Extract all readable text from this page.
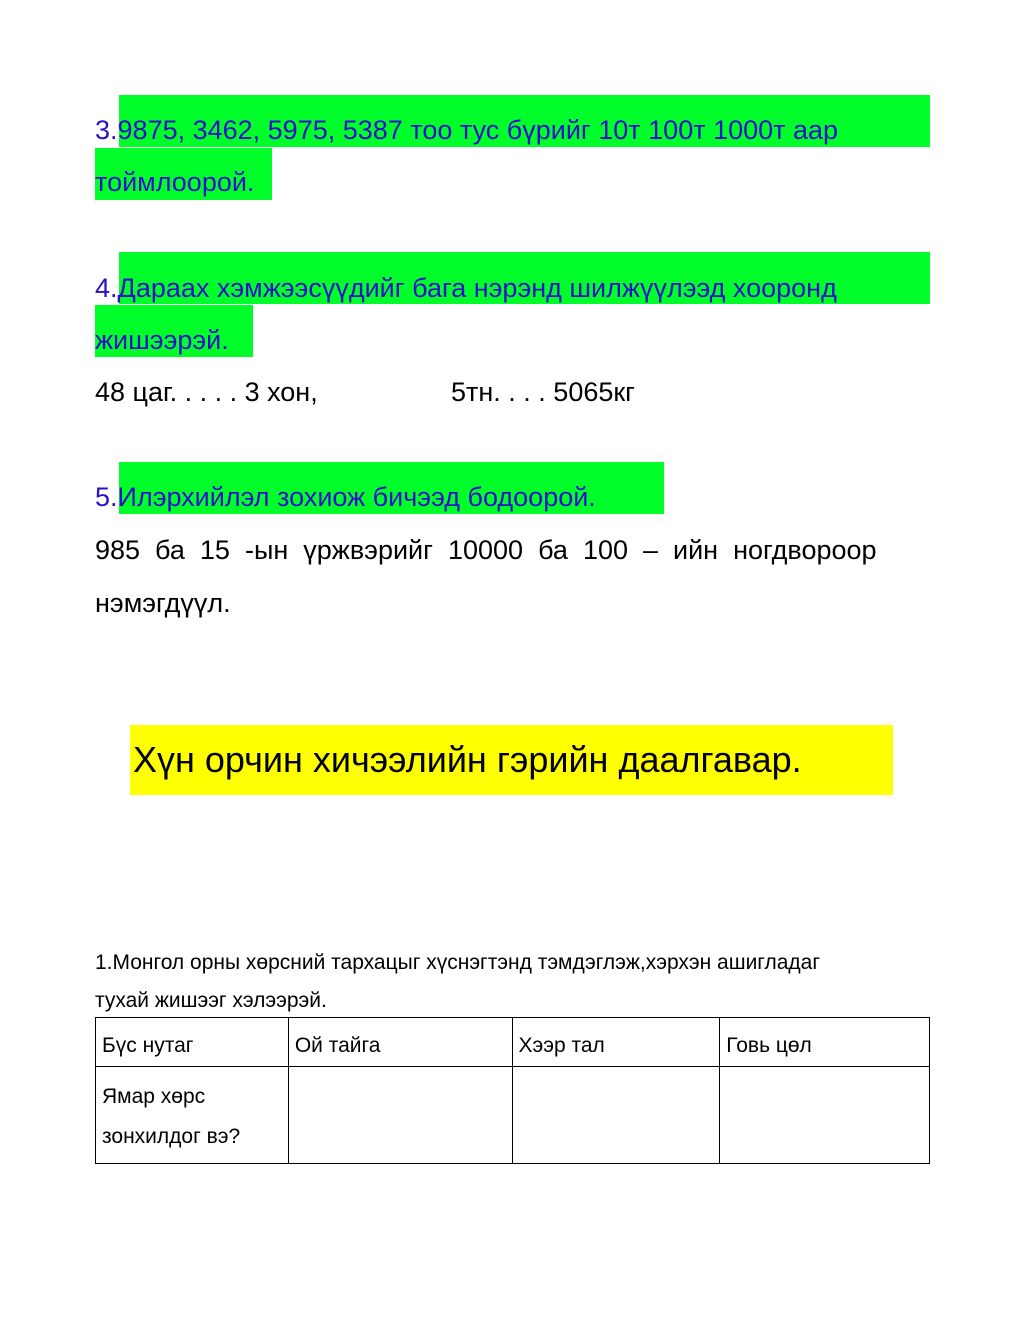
3.9875, 3462, 5975, 5387 тоо тус бүрийг 10т 100т 1000т аар
тоймлоорой.
4.Дараах хэмжээсүүдийг бага нэрэнд шилжүүлээд хооронд
жишээрэй.
48 цаг. . . . . 3 хон,	5тн. . . . 5065кг
5.Илэрхийлэл зохиож бичээд бодоорой.
985  ба  15  -ын  үржвэрийг  10000  ба  100  –  ийн  ногдвороор
нэмэгдүүл.
Хүн орчин хичээлийн гэрийн даалгавар.
1.Монгол орны хөрсний тархацыг хүснэгтэнд тэмдэглэж,хэрхэн ашигладаг
тухай жишээг хэлээрэй.
Бүс нутаг	Ой тайга	Хээр тал	Говь цөл

Ямар хөрс
зонхилдог вэ?			
